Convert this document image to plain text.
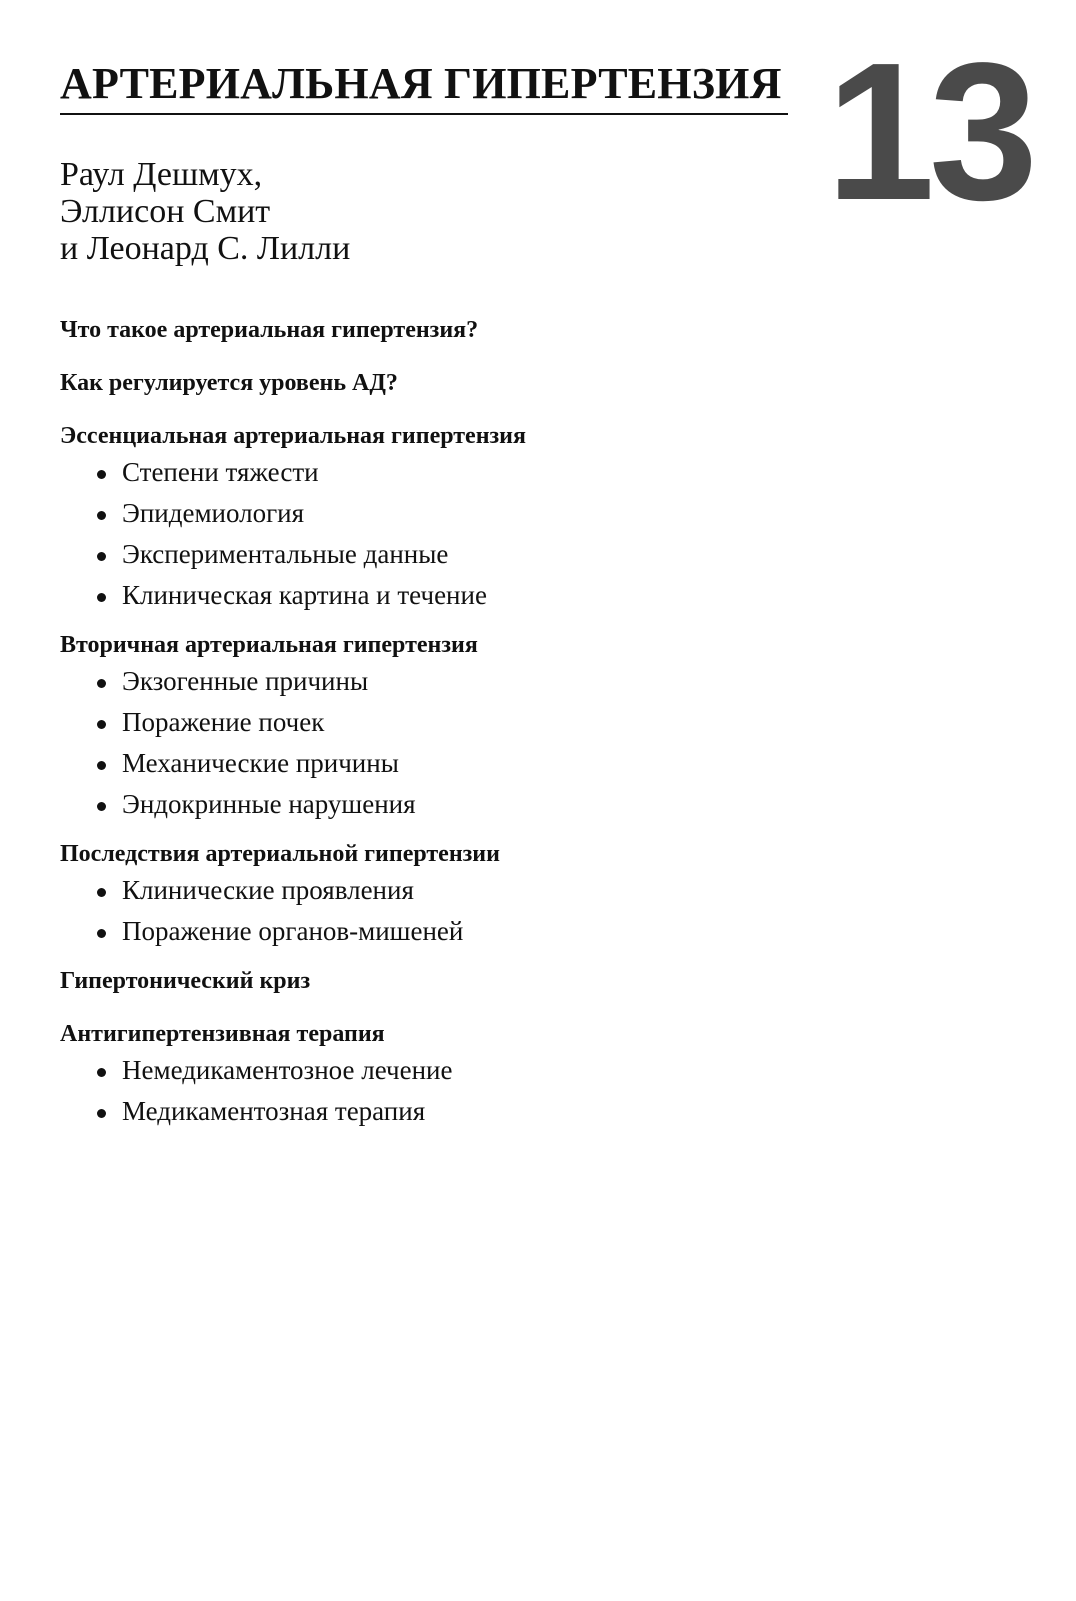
АРТЕРИАЛЬНАЯ ГИПЕРТЕНЗИЯ 13
Раул Дешмух,
Эллисон Смит
и Леонард С. Лилли
Что такое артериальная гипертензия?
Как регулируется уровень АД?
Эссенциальная артериальная гипертензия
Степени тяжести
Эпидемиология
Экспериментальные данные
Клиническая картина и течение
Вторичная артериальная гипертензия
Экзогенные причины
Поражение почек
Механические причины
Эндокринные нарушения
Последствия артериальной гипертензии
Клинические проявления
Поражение органов-мишеней
Гипертонический криз
Антигипертензивная терапия
Немедикаментозное лечение
Медикаментозная терапия
